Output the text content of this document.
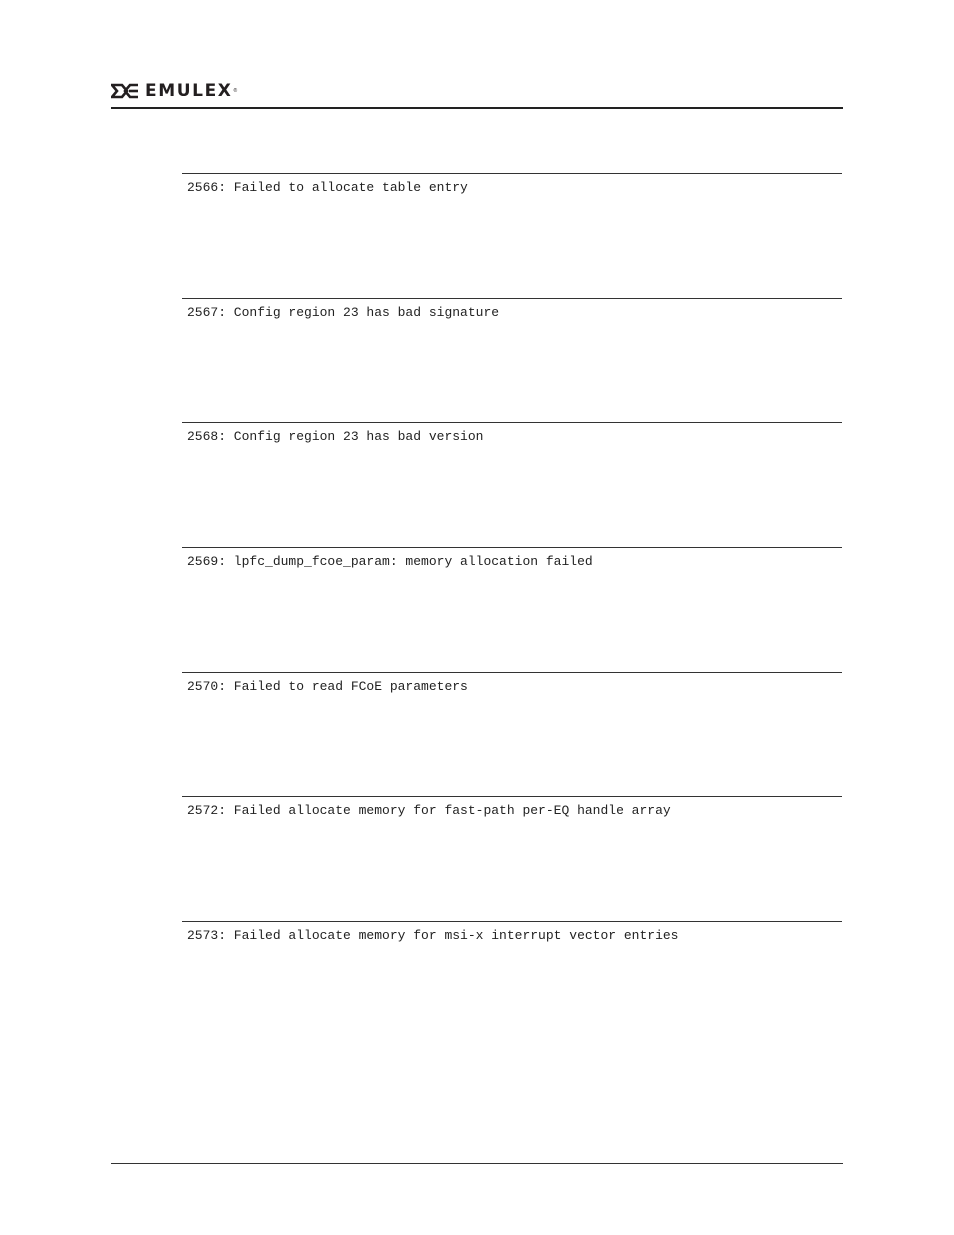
EMULEX ®
2566: Failed to allocate table entry
2567: Config region 23 has bad signature
2568: Config region 23 has bad version
2569: lpfc_dump_fcoe_param: memory allocation failed
2570: Failed to read FCoE parameters
2572: Failed allocate memory for fast-path per-EQ handle array
2573: Failed allocate memory for msi-x interrupt vector entries
